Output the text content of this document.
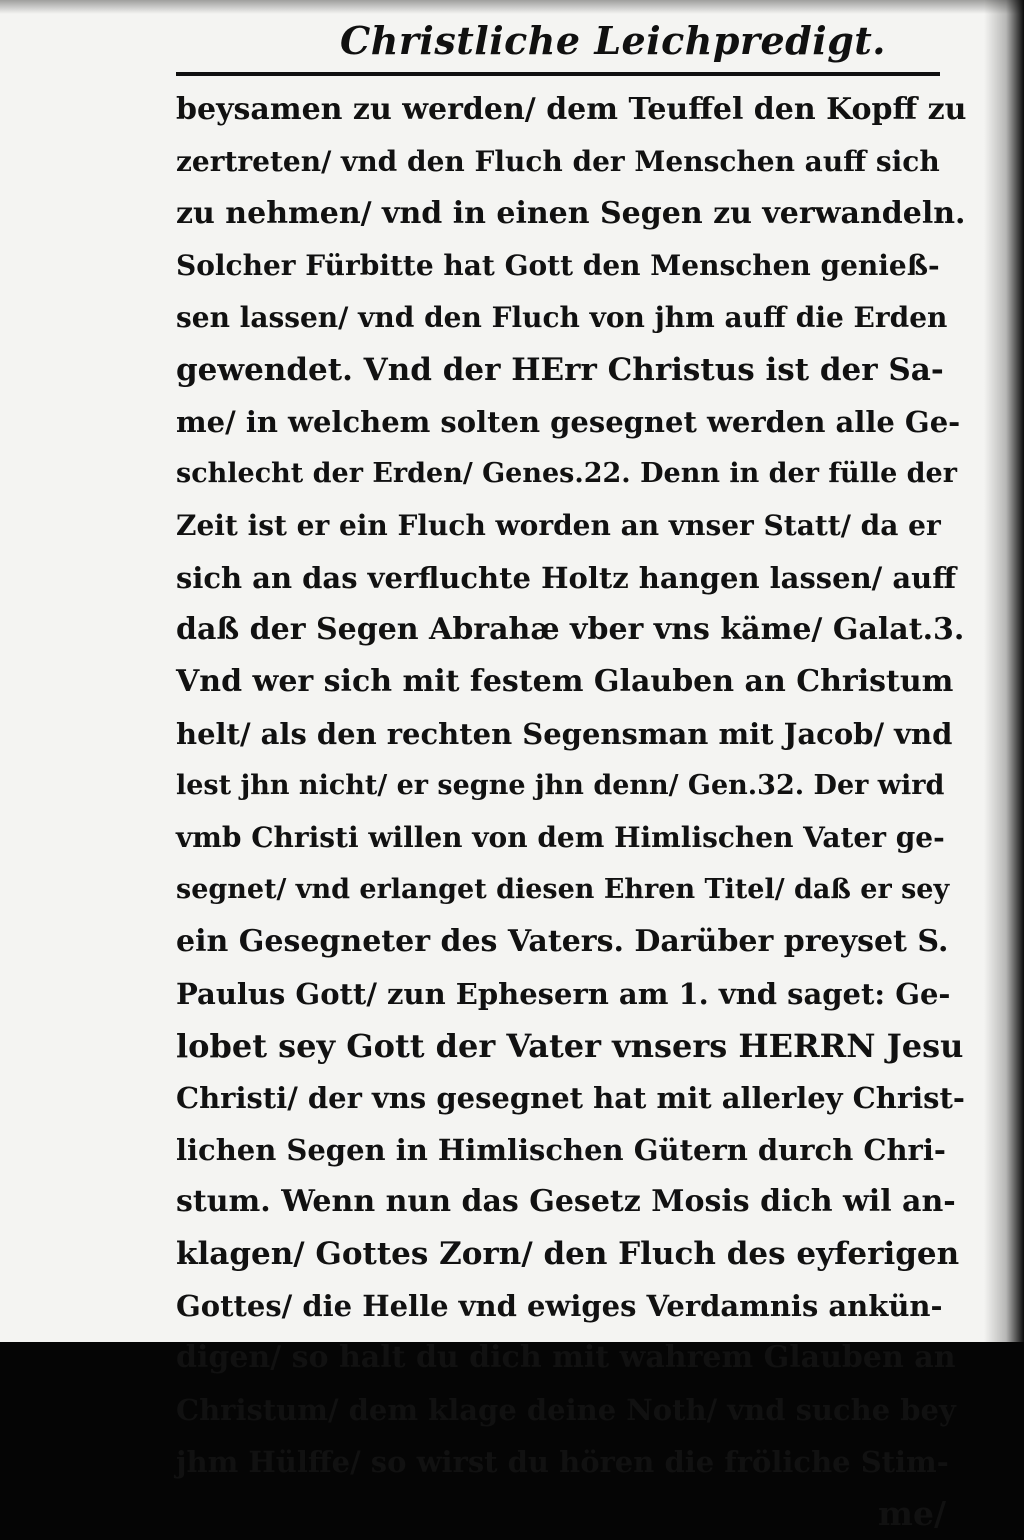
Christliche Leichpredigt.
beysamen zu werden/ dem Teuffel den Kopff zu
zertreten/ vnd den Fluch der Menschen auff sich
zu nehmen/ vnd in einen Segen zu verwandeln.
Solcher Fürbitte hat Gott den Menschen genieß-
sen lassen/ vnd den Fluch von jhm auff die Erden
gewendet. Vnd der HErr Christus ist der Sa-
me/ in welchem solten gesegnet werden alle Ge-
schlecht der Erden/ Genes.22. Denn in der fülle der
Zeit ist er ein Fluch worden an vnser Statt/ da er
sich an das verfluchte Holtz hangen lassen/ auff
daß der Segen Abrahæ vber vns käme/ Galat.3.
Vnd wer sich mit festem Glauben an Christum
helt/ als den rechten Segensman mit Jacob/ vnd
lest jhn nicht/ er segne jhn denn/ Gen.32. Der wird
vmb Christi willen von dem Himlischen Vater ge-
segnet/ vnd erlanget diesen Ehren Titel/ daß er sey
ein Gesegneter des Vaters. Darüber preyset S.
Paulus Gott/ zun Ephesern am 1. vnd saget: Ge-
lobet sey Gott der Vater vnsers HERRN Jesu
Christi/ der vns gesegnet hat mit allerley Christ-
lichen Segen in Himlischen Gütern durch Chri-
stum. Wenn nun das Gesetz Mosis dich wil an-
klagen/ Gottes Zorn/ den Fluch des eyferigen
Gottes/ die Helle vnd ewiges Verdamnis ankün-
digen/ so halt du dich mit wahrem Glauben an
Christum/ dem klage deine Noth/ vnd suche bey
jhm Hülffe/ so wirst du hören die fröliche Stim-
me/
